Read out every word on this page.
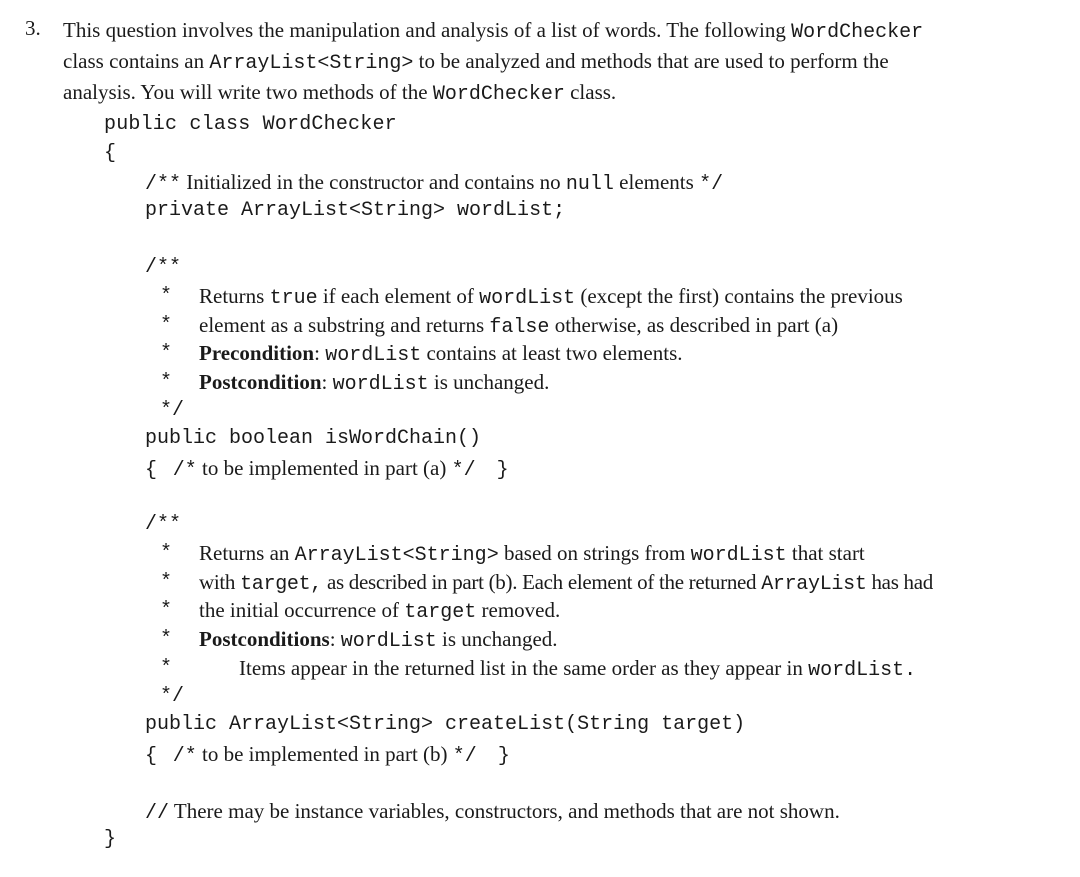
3. This question involves the manipulation and analysis of a list of words. The following WordChecker
class contains an ArrayList<String> to be analyzed and methods that are used to perform the
analysis. You will write two methods of the WordChecker class.
public class WordChecker
{
/** Initialized in the constructor and contains no null elements */
private ArrayList<String> wordList;
/**
* Returns true if each element of wordList (except the first) contains the previous
* element as a substring and returns false otherwise, as described in part (a)
* Precondition: wordList contains at least two elements.
* Postcondition: wordList is unchanged.
*/
public boolean isWordChain()
{ /* to be implemented in part (a) */ }
/**
* Returns an ArrayList<String> based on strings from wordList that start
* with target, as described in part (b). Each element of the returned ArrayList has had
* the initial occurrence of target removed.
* Postconditions: wordList is unchanged.
*	Items appear in the returned list in the same order as they appear in wordList.
*/
public ArrayList<String> createList(String target)
{ /* to be implemented in part (b) */ }
// There may be instance variables, constructors, and methods that are not shown.
}
